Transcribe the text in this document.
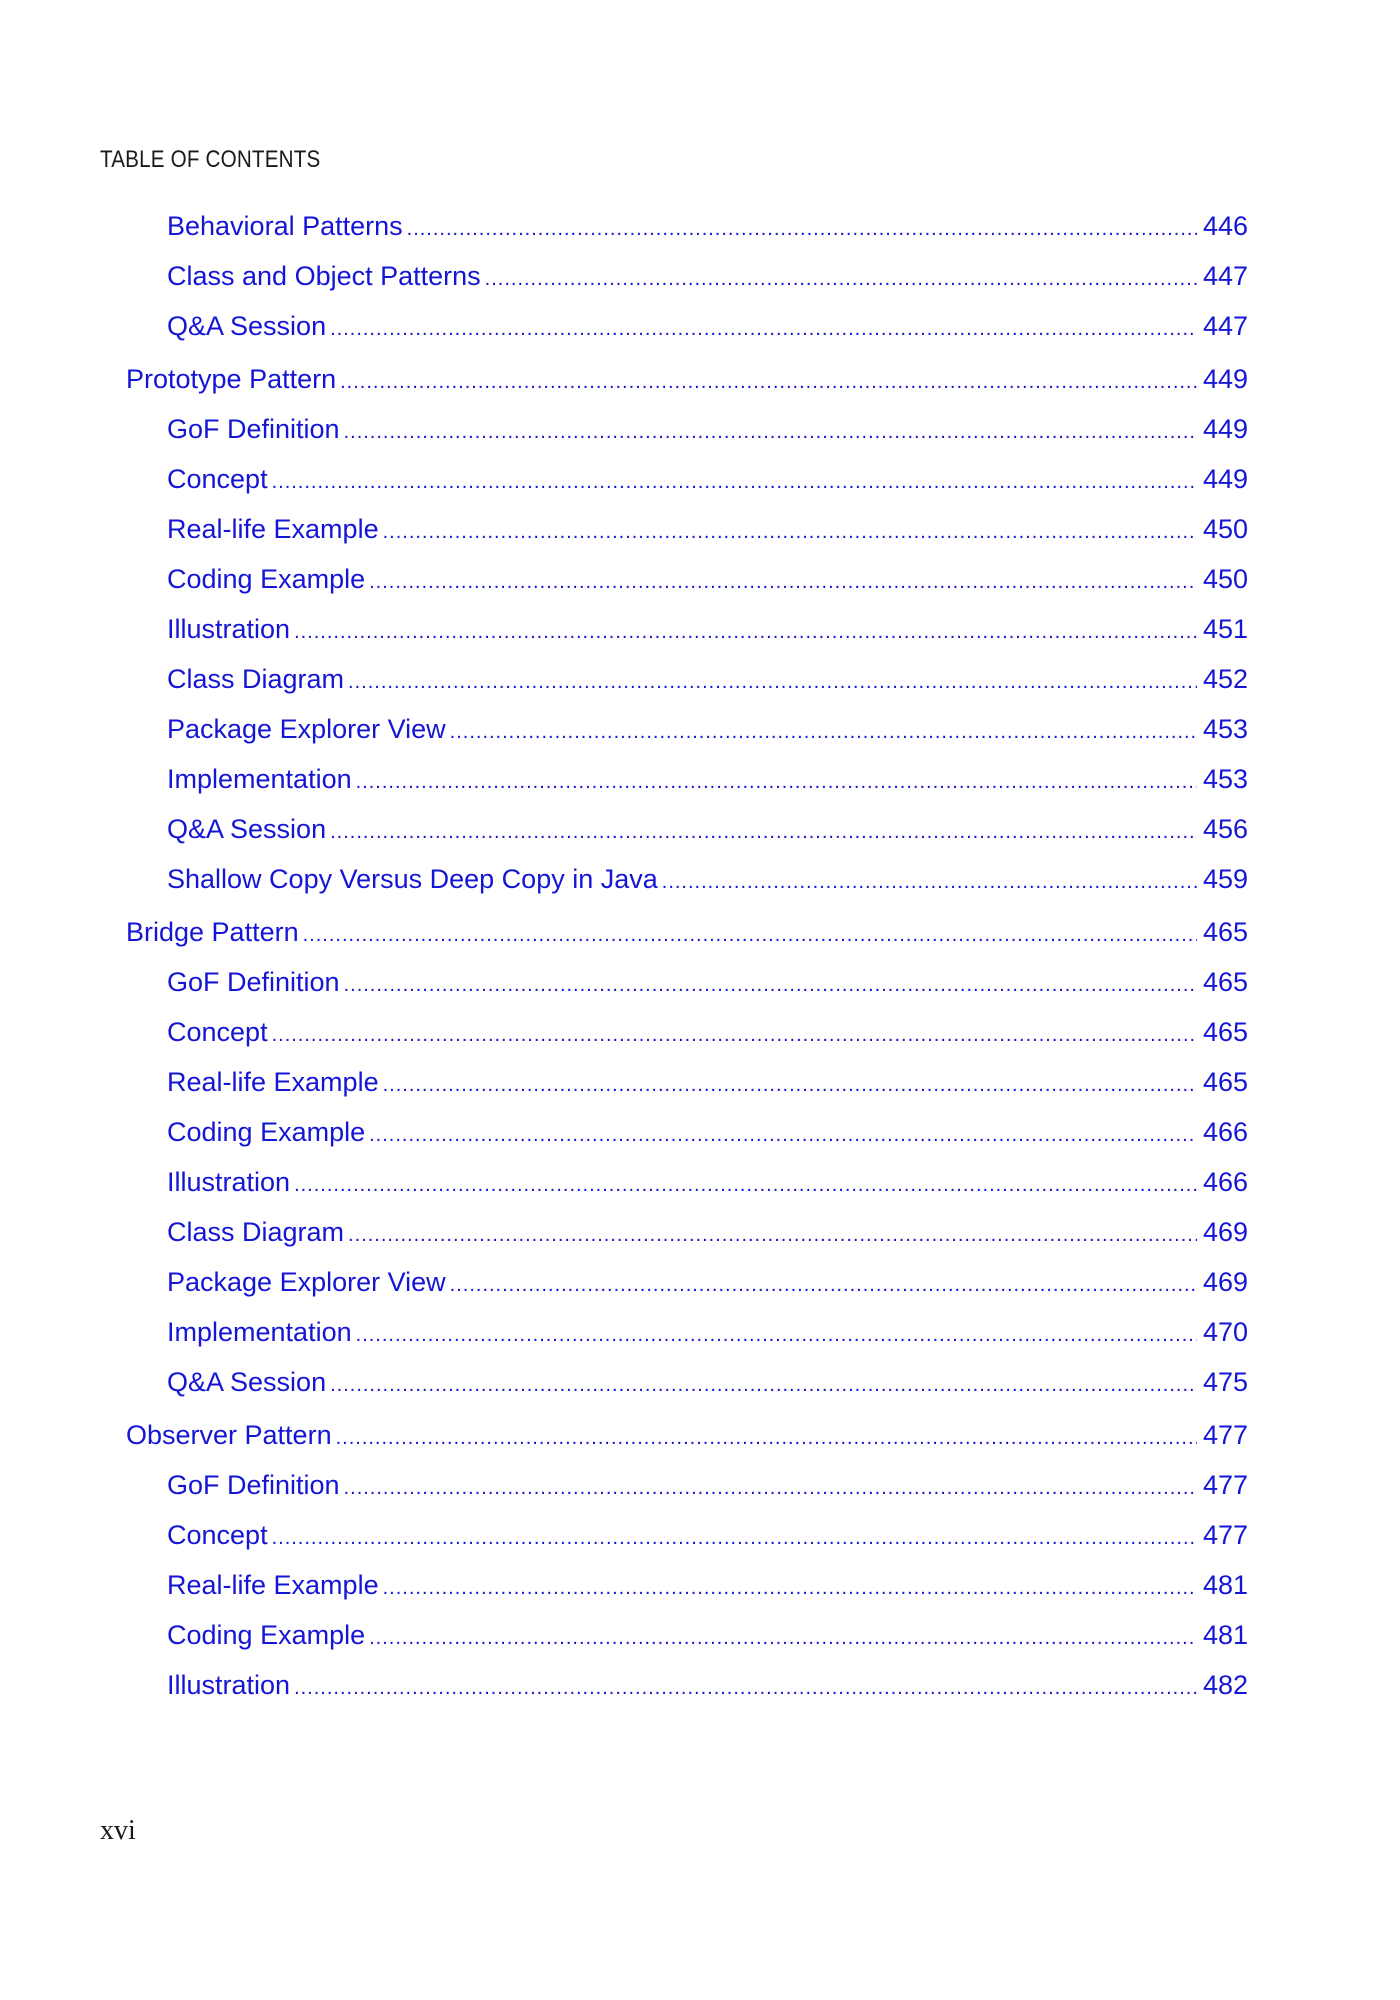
TABLE OF CONTENTS
Behavioral Patterns .....	446
Class and Object Patterns .....	447
Q&A Session .....	447
Prototype Pattern .....	449
GoF Definition .....	449
Concept .....	449
Real-life Example .....	450
Coding Example .....	450
Illustration .....	451
Class Diagram .....	452
Package Explorer View .....	453
Implementation .....	453
Q&A Session .....	456
Shallow Copy Versus Deep Copy in Java .....	459
Bridge Pattern .....	465
GoF Definition .....	465
Concept .....	465
Real-life Example .....	465
Coding Example .....	466
Illustration .....	466
Class Diagram .....	469
Package Explorer View .....	469
Implementation .....	470
Q&A Session .....	475
Observer Pattern .....	477
GoF Definition .....	477
Concept .....	477
Real-life Example .....	481
Coding Example .....	481
Illustration .....	482
xvi
